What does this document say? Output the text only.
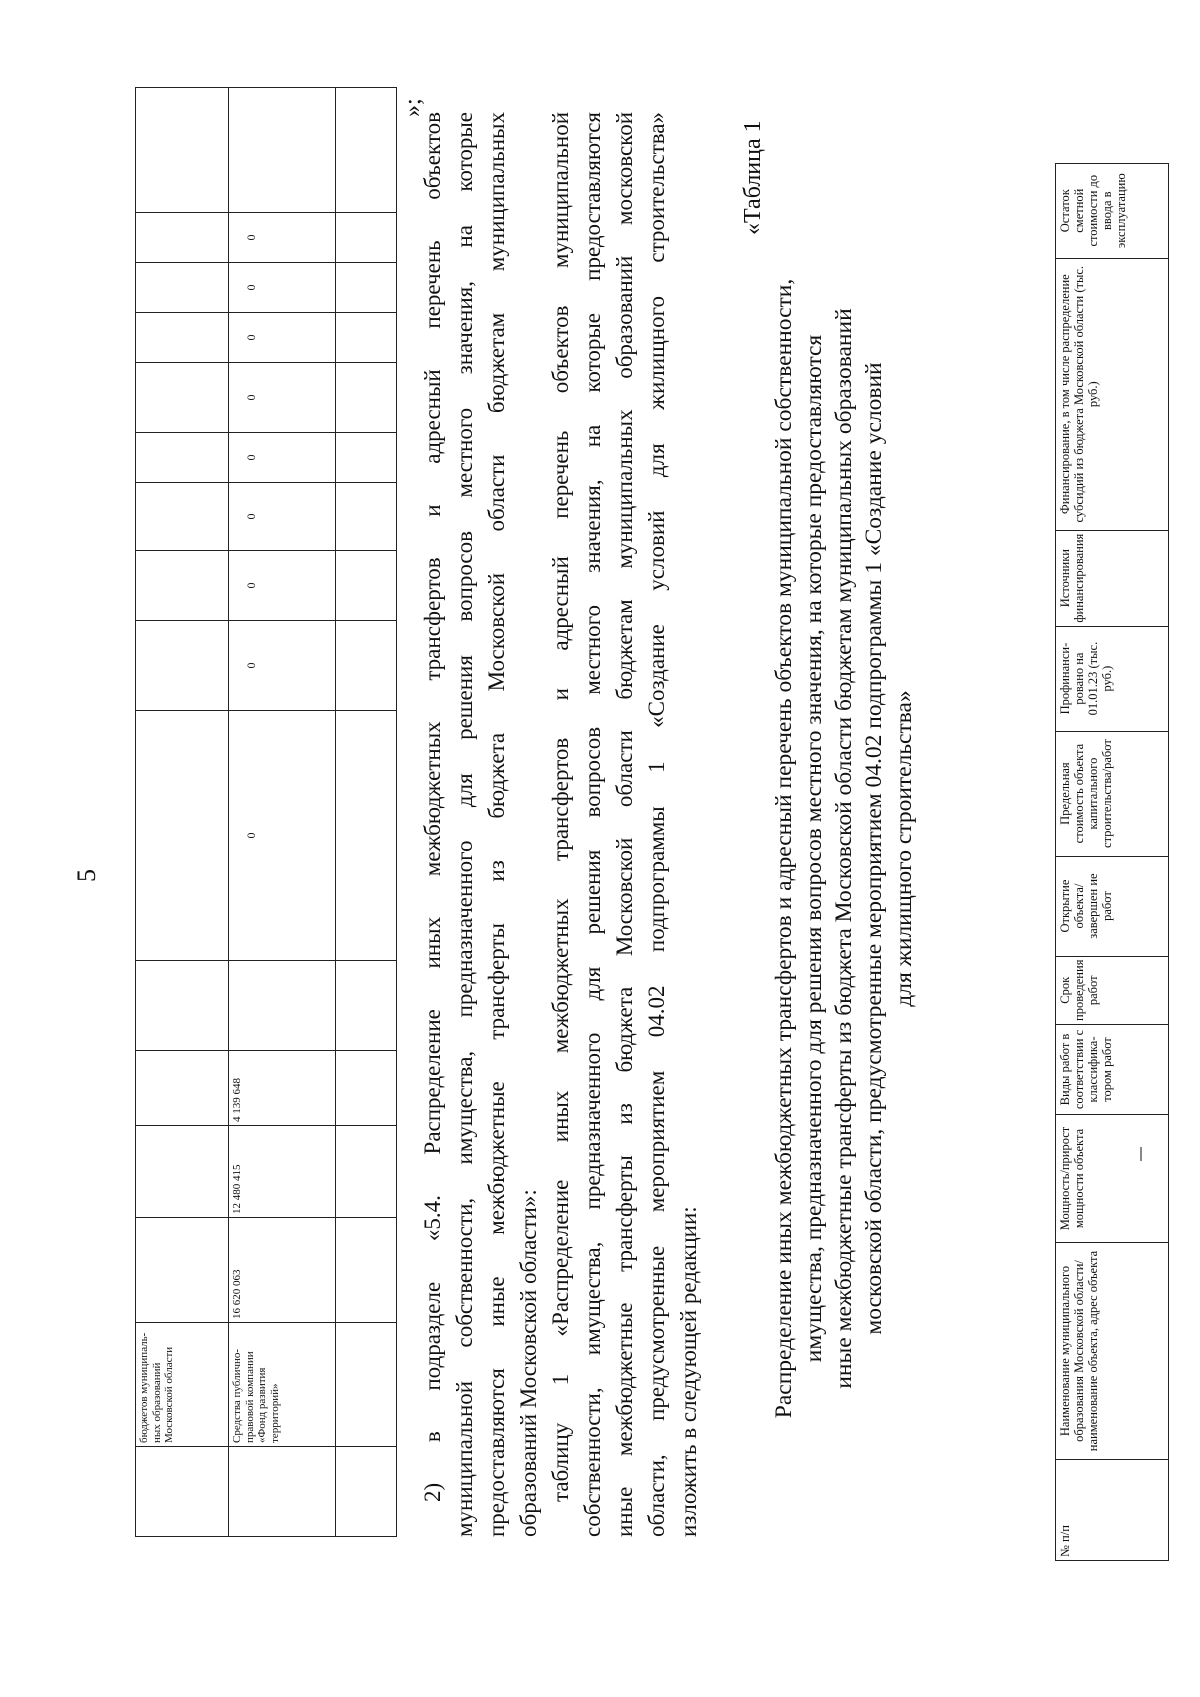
5
	бюджетов муниципаль-ных образований Московской области														
	Средства публично-правовой компании «Фонд развития территорий»	16 620 063	12 480 415	4 139 648		0	0	0	0	0	0	0	0	0	

»;
2) в подразделе «5.4. Распределение иных межбюджетных трансфертов и адресный перечень объектов муниципальной собственности, имущества, предназначенного для решения вопросов местного значения, на которые предоставляются иные межбюджетные трансферты из бюджета Московской области бюджетам муниципальных образований Московской области»: таблицу 1 «Распределение иных межбюджетных трансфертов и адресный перечень объектов муниципальной собственности, имущества, предназначенного для решения вопросов местного значения, на которые предоставляются иные межбюджетные трансферты из бюджета Московской области бюджетам муниципальных образований московской области, предусмотренные мероприятием 04.02 подпрограммы 1 «Создание условий для жилищного строительства» изложить в следующей редакции:
«Таблица 1
Распределение иных межбюджетных трансфертов и адресный перечень объектов муниципальной собственности, имущества, предназначенного для решения вопросов местного значения, на которые предоставляются иные межбюджетные трансферты из бюджета Московской области бюджетам муниципальных образований московской области, предусмотренные мероприятием 04.02 подпрограммы 1 «Создание условий для жилищного строительства»
№ п/п	Наименование муниципального образования Московской области/наименование объекта, адрес объекта	Мощность/прирост мощности объекта	Виды работ в соответствии с классифика-тором работ	Срок проведения работ	Открытие объекта/завершен ие работ	Предельная стоимость объекта капитального строительства/работ	Профинанси-ровано на 01.01.23 (тыс. руб.)	Источники финансирования	Финансирование, в том числе распределение субсидий из бюджета Московской области (тыс. руб.)	Остаток сметной стоимости до ввода в эксплуатацию
